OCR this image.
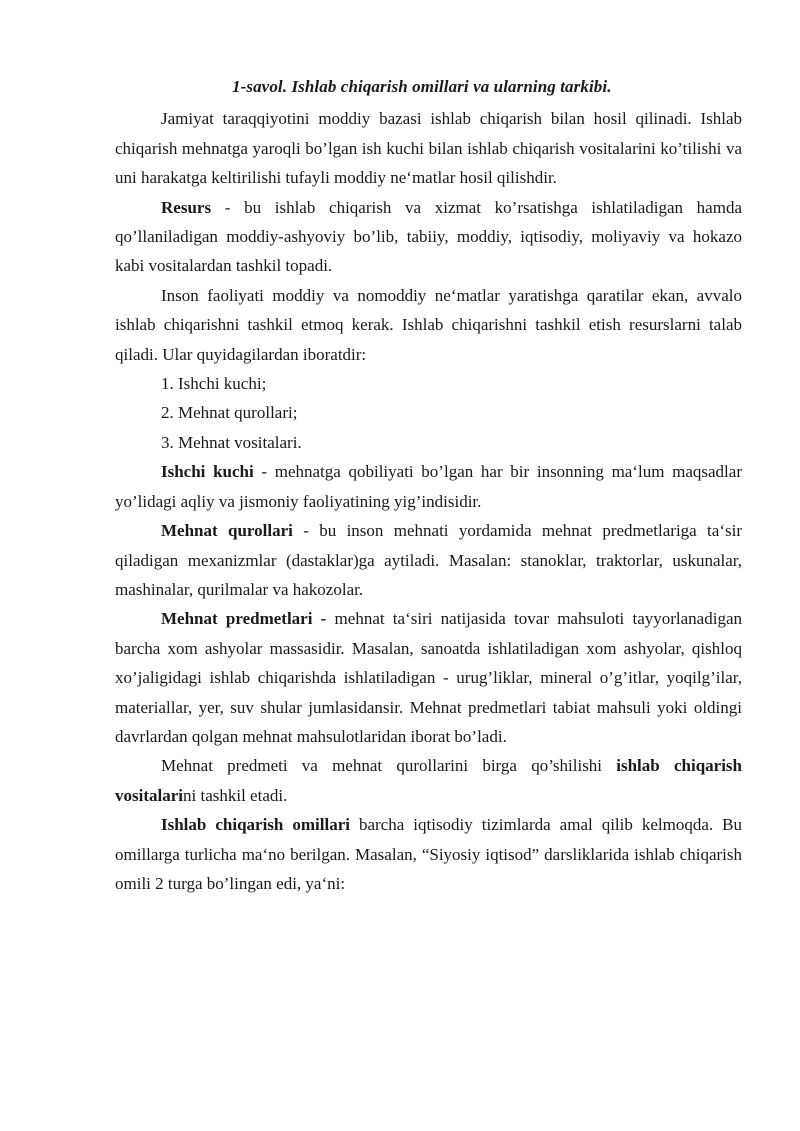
1-savol. Ishlab chiqarish omillari va ularning tarkibi.

Jamiyat taraqqiyotini moddiy bazasi ishlab chiqarish bilan hosil qilinadi. Ishlab chiqarish mehnatga yaroqli bo’lgan ish kuchi bilan ishlab chiqarish vositalarini ko’tilishi va uni harakatga keltirilishi tufayli moddiy ne‘matlar hosil qilishdir.

Resurs - bu ishlab chiqarish va xizmat ko’rsatishga ishlatiladigan hamda qo’llaniladigan moddiy-ashyoviy bo’lib, tabiiy, moddiy, iqtisodiy, moliyaviy va hokazo kabi vositalardan tashkil topadi.

Inson faoliyati moddiy va nomoddiy ne‘matlar yaratishga qaratilar ekan, avvalo ishlab chiqarishni tashkil etmoq kerak. Ishlab chiqarishni tashkil etish resurslarni talab qiladi. Ular quyidagilardan iboratdir:

1. Ishchi kuchi;

2. Mehnat qurollari;

3. Mehnat vositalari.

Ishchi kuchi - mehnatga qobiliyati bo’lgan har bir insonning ma‘lum maqsadlar yo’lidagi aqliy va jismoniy faoliyatining yig’indisidir.

Mehnat qurollari - bu inson mehnati yordamida mehnat predmetlariga ta‘sir qiladigan mexanizmlar (dastaklar)ga aytiladi. Masalan: stanoklar, traktorlar, uskunalar, mashinalar, qurilmalar va hakozolar.

Mehnat predmetlari - mehnat ta‘siri natijasida tovar mahsuloti tayyorlanadigan barcha xom ashyolar massasidir. Masalan, sanoatda ishlatiladigan xom ashyolar, qishloq xo’jaligidagi ishlab chiqarishda ishlatiladigan - urug’liklar, mineral o’g’itlar, yoqilg’ilar, materiallar, yer, suv shular jumlasidansir. Mehnat predmetlari tabiat mahsuli yoki oldingi davrlardan qolgan mehnat mahsulotlaridan iborat bo’ladi.

Mehnat predmeti va mehnat qurollarini birga qo’shilishi ishlab chiqarish vositalarini tashkil etadi.

Ishlab chiqarish omillari barcha iqtisodiy tizimlarda amal qilib kelmoqda. Bu omillarga turlicha ma‘no berilgan. Masalan, “Siyosiy iqtisod” darsliklarida ishlab chiqarish omili 2 turga bo’lingan edi, ya‘ni:
